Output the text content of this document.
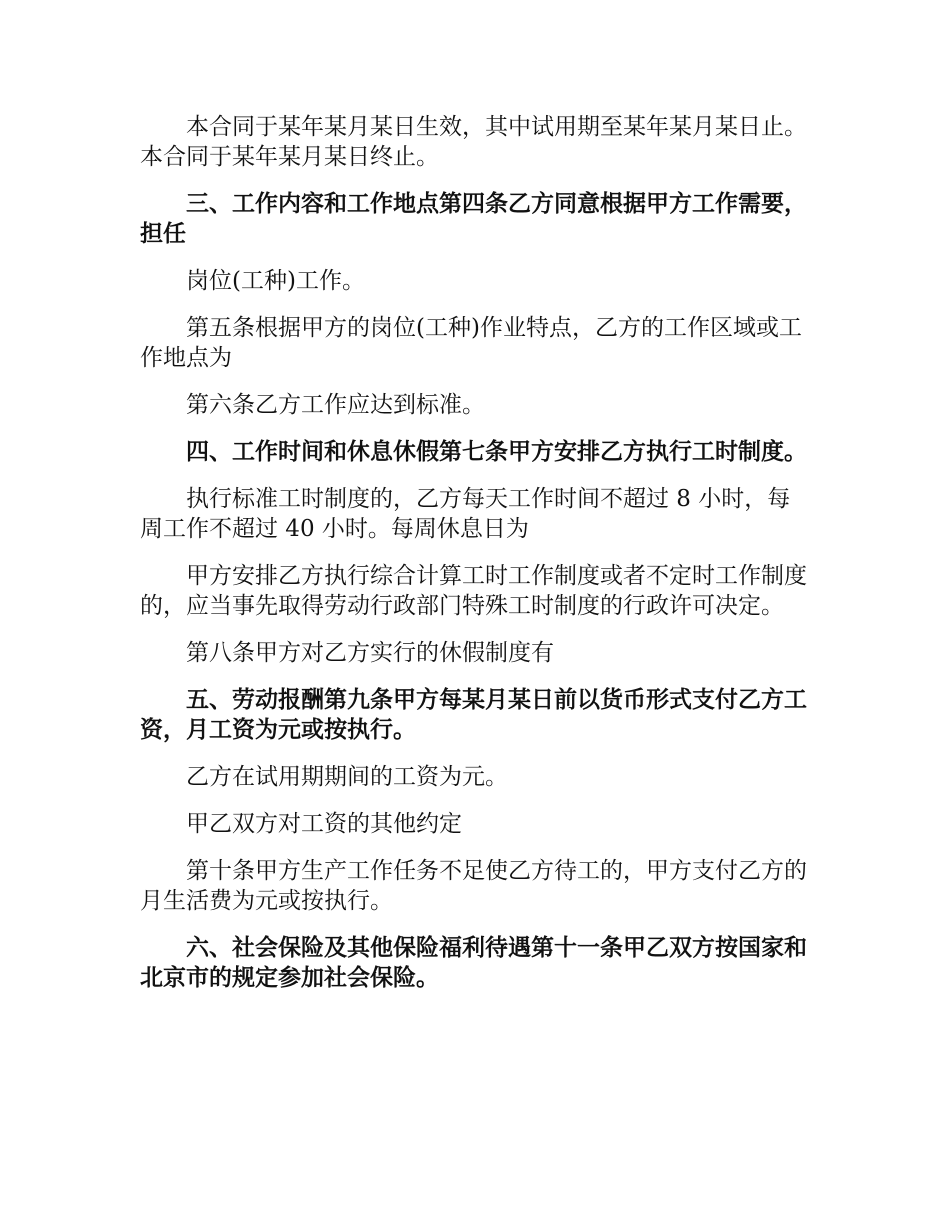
本合同于某年某月某日生效，其中试用期至某年某月某日止。本合同于某年某月某日终止。

三、工作内容和工作地点第四条乙方同意根据甲方工作需要，担任

岗位(工种)工作。

第五条根据甲方的岗位(工种)作业特点，乙方的工作区域或工作地点为

第六条乙方工作应达到标准。

四、工作时间和休息休假第七条甲方安排乙方执行工时制度。

执行标准工时制度的，乙方每天工作时间不超过 8 小时，每周工作不超过 40 小时。每周休息日为

甲方安排乙方执行综合计算工时工作制度或者不定时工作制度的，应当事先取得劳动行政部门特殊工时制度的行政许可决定。

第八条甲方对乙方实行的休假制度有

五、劳动报酬第九条甲方每某月某日前以货币形式支付乙方工资，月工资为元或按执行。

乙方在试用期期间的工资为元。

甲乙双方对工资的其他约定

第十条甲方生产工作任务不足使乙方待工的，甲方支付乙方的月生活费为元或按执行。

六、社会保险及其他保险福利待遇第十一条甲乙双方按国家和北京市的规定参加社会保险。
